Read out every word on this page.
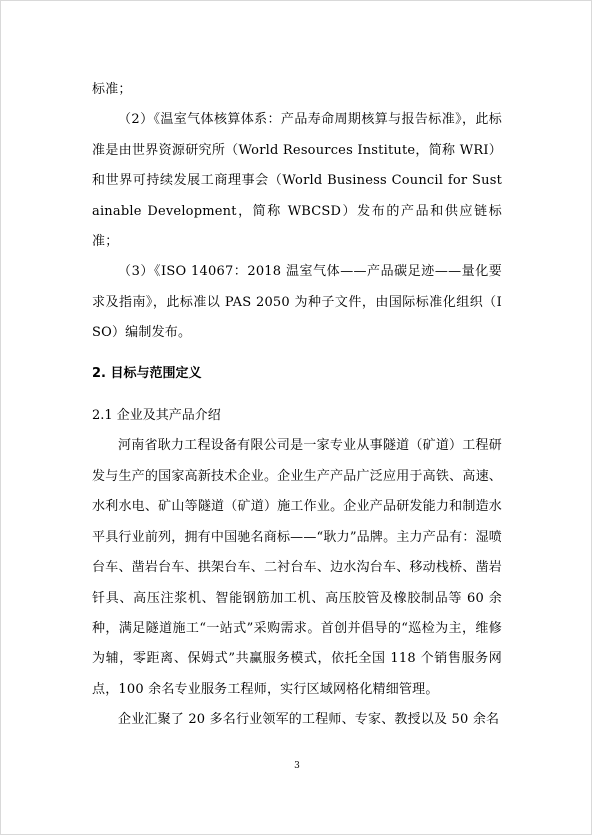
标准；

（2）《温室气体核算体系：产品寿命周期核算与报告标准》，此标准是由世界资源研究所（World Resources Institute，简称 WRI）和世界可持续发展工商理事会（World Business Council for Sustainable Development，简称 WBCSD）发布的产品和供应链标准；

（3）《ISO 14067：2018 温室气体——产品碳足迹——量化要求及指南》，此标准以 PAS 2050 为种子文件，由国际标准化组织（ISO）编制发布。

2. 目标与范围定义

2.1 企业及其产品介绍

河南省耿力工程设备有限公司是一家专业从事隧道（矿道）工程研发与生产的国家高新技术企业。企业生产产品广泛应用于高铁、高速、水利水电、矿山等隧道（矿道）施工作业。企业产品研发能力和制造水平具行业前列，拥有中国驰名商标——“耿力”品牌。主力产品有：湿喷台车、凿岩台车、拱架台车、二衬台车、边水沟台车、移动栈桥、凿岩钎具、高压注浆机、智能钢筋加工机、高压胶管及橡胶制品等 60 余种，满足隧道施工“一站式”采购需求。首创并倡导的“巡检为主，维修为辅，零距离、保姆式”共赢服务模式，依托全国 118 个销售服务网点，100 余名专业服务工程师，实行区域网格化精细管理。

企业汇聚了 20 多名行业领军的工程师、专家、教授以及 50 余名

3
